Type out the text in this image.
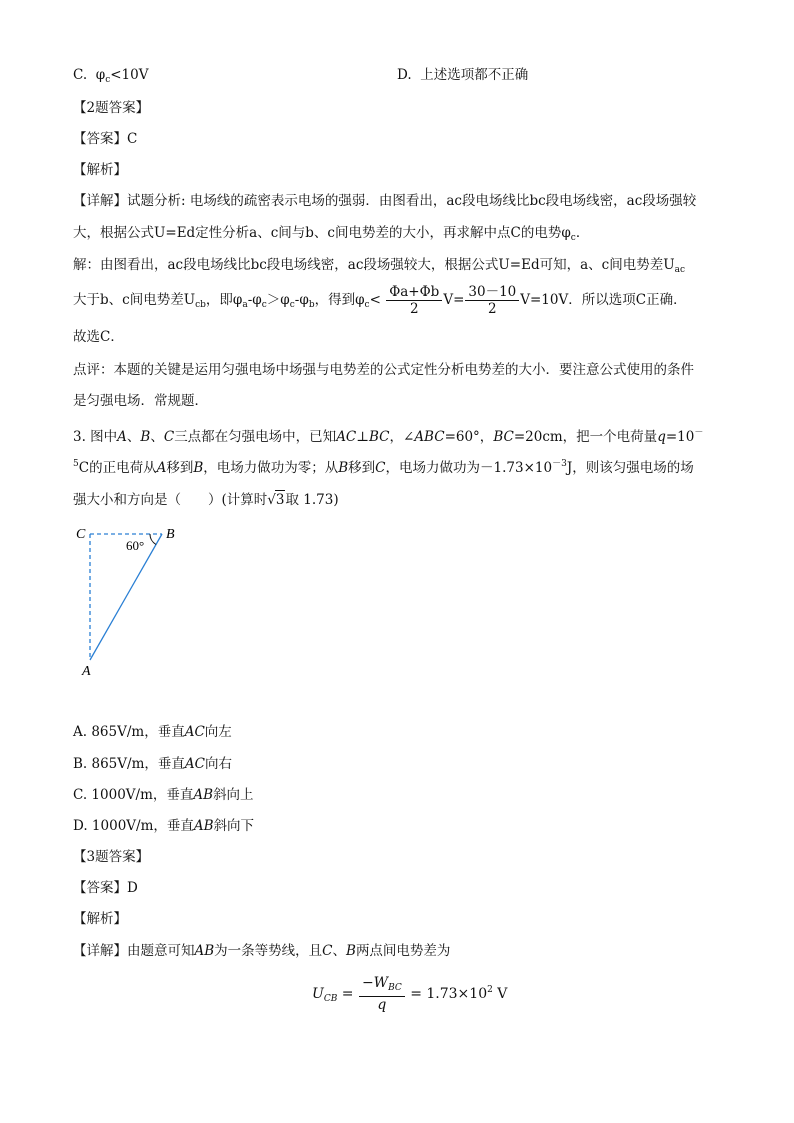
C. $\varphi_c<10V$	D. 上述选项都不正确
【2题答案】
【答案】C
【解析】
【详解】试题分析: 电场线的疏密表示电场的强弱．由图看出，ac段电场线比bc段电场线密，ac段场强较
大，根据公式U=Ed定性分析a、c间与b、c间电势差的大小，再求解中点C的电势$\varphi_c$．
解：由图看出，ac段电场线比bc段电场线密，ac段场强较大，根据公式U=Ed可知，a、c间电势差$U_{ac}$
大于b、c间电势差$U_{cb}$，即$\varphi_a-\varphi_c>\varphi_c-\varphi_b$，得到$\varphi_c< \frac{\Phi a+\Phi b}{2} V= \frac{30-10}{2} V=10V$．所以选项C正确．
故选C．
点评：本题的关键是运用匀强电场中场强与电势差的公式定性分析电势差的大小．要注意公式使用的条件
是匀强电场．常规题．
3. 图中A、B、C三点都在匀强电场中，已知AC⊥BC，∠ABC=60°，BC=20cm，把一个电荷量q=10－
$^5$C的正电荷从A移到B，电场力做功为零；从B移到C，电场力做功为$-1.73\times 10^{-3}J$，则该匀强电场的场
强大小和方向是（　　）(计算时√3取 1.73)
C	B
A
60°
A. 865V/m，垂直AC向左
B. 865V/m，垂直AC向右
C. 1000V/m，垂直AB斜向上
D. 1000V/m，垂直AB斜向下
【3题答案】
【答案】D
【解析】
【详解】由题意可知AB为一条等势线，且C、B两点间电势差为
$U_{CB} = \frac{-W_{BC}}{q} = 1.73\times 10^2$ V
